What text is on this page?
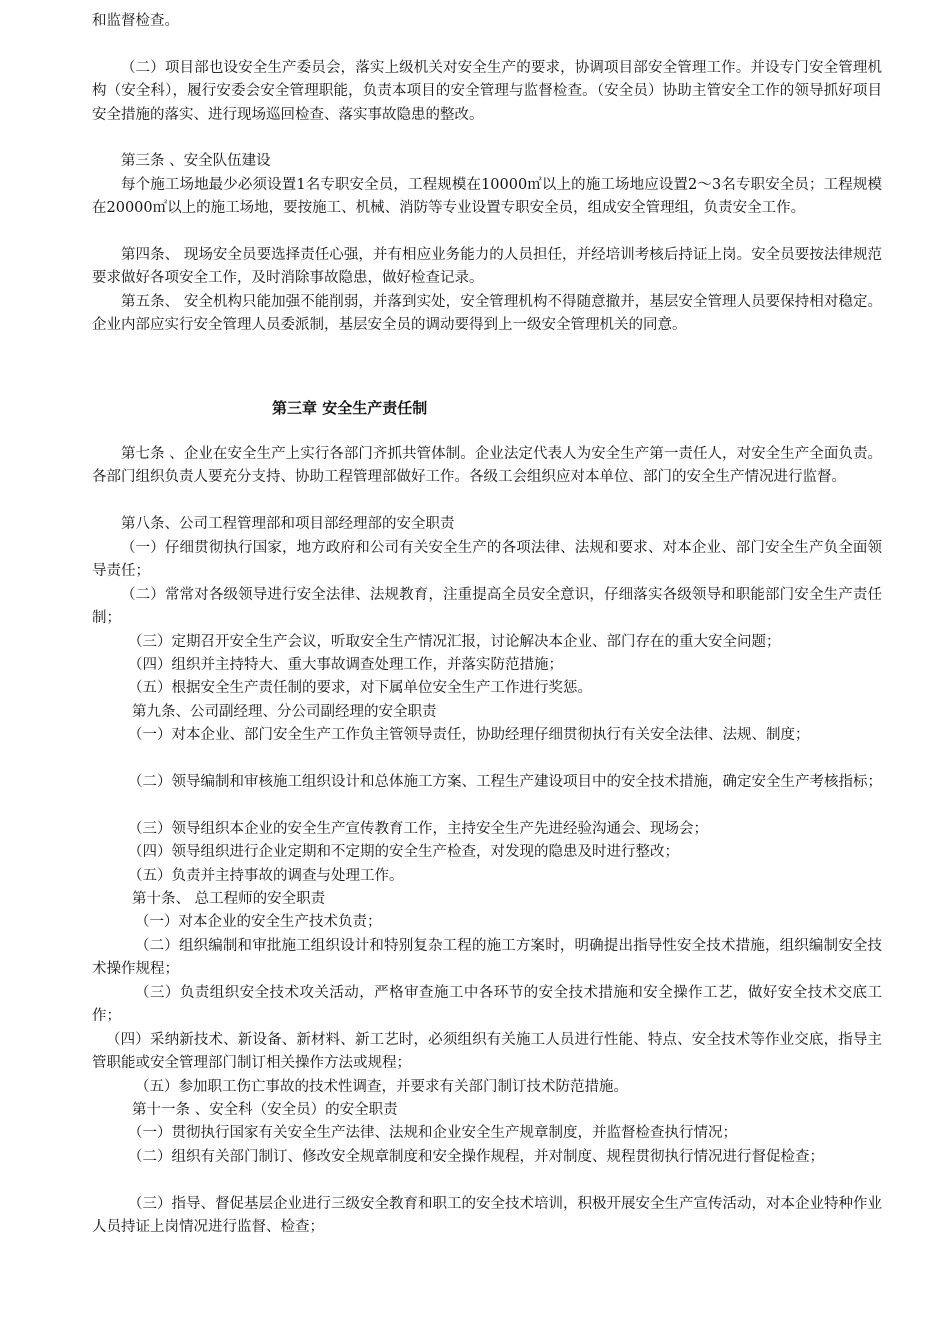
和监督检查。

（二）项目部也设安全生产委员会，落实上级机关对安全生产的要求，协调项目部安全管理工作。并设专门安全管理机构（安全科），履行安委会安全管理职能，负责本项目的安全管理与监督检查。（安全员）协助主管安全工作的领导抓好项目安全措施的落实、进行现场巡回检查、落实事故隐患的整改。

第三条 、安全队伍建设

每个施工场地最少必须设置1名专职安全员，工程规模在10000㎡以上的施工场地应设置2～3名专职安全员；工程规模在20000㎡以上的施工场地，要按施工、机械、消防等专业设置专职安全员，组成安全管理组，负责安全工作。

第四条、 现场安全员要选择责任心强，并有相应业务能力的人员担任，并经培训考核后持证上岗。安全员要按法律规范要求做好各项安全工作，及时消除事故隐患，做好检查记录。

第五条、 安全机构只能加强不能削弱，并落到实处，安全管理机构不得随意撤并，基层安全管理人员要保持相对稳定。企业内部应实行安全管理人员委派制，基层安全员的调动要得到上一级安全管理机关的同意。

第三章 安全生产责任制

第七条 、企业在安全生产上实行各部门齐抓共管体制。企业法定代表人为安全生产第一责任人，对安全生产全面负责。各部门组织负责人要充分支持、协助工程管理部做好工作。各级工会组织应对本单位、部门的安全生产情况进行监督。

第八条、公司工程管理部和项目部经理部的安全职责

（一）仔细贯彻执行国家，地方政府和公司有关安全生产的各项法律、法规和要求、对本企业、部门安全生产负全面领导责任；

（二）常常对各级领导进行安全法律、法规教育，注重提高全员安全意识，仔细落实各级领导和职能部门安全生产责任制；

（三）定期召开安全生产会议，听取安全生产情况汇报，讨论解决本企业、部门存在的重大安全问题；

（四）组织并主持特大、重大事故调查处理工作，并落实防范措施；

（五）根据安全生产责任制的要求，对下属单位安全生产工作进行奖惩。

第九条、公司副经理、分公司副经理的安全职责

（一）对本企业、部门安全生产工作负主管领导责任，协助经理仔细贯彻执行有关安全法律、法规、制度；

（二）领导编制和审核施工组织设计和总体施工方案、工程生产建设项目中的安全技术措施，确定安全生产考核指标；

（三）领导组织本企业的安全生产宣传教育工作，主持安全生产先进经验沟通会、现场会；

（四）领导组织进行企业定期和不定期的安全生产检查，对发现的隐患及时进行整改；

（五）负责并主持事故的调查与处理工作。

第十条、 总工程师的安全职责

（一）对本企业的安全生产技术负责；

（二）组织编制和审批施工组织设计和特别复杂工程的施工方案时，明确提出指导性安全技术措施，组织编制安全技术操作规程；

（三）负责组织安全技术攻关活动，严格审查施工中各环节的安全技术措施和安全操作工艺，做好安全技术交底工作；

（四）采纳新技术、新设备、新材料、新工艺时，必须组织有关施工人员进行性能、特点、安全技术等作业交底，指导主管职能或安全管理部门制订相关操作方法或规程；

（五）参加职工伤亡事故的技术性调查，并要求有关部门制订技术防范措施。

第十一条 、安全科（安全员）的安全职责

（一）贯彻执行国家有关安全生产法律、法规和企业安全生产规章制度，并监督检查执行情况；

（二）组织有关部门制订、修改安全规章制度和安全操作规程，并对制度、规程贯彻执行情况进行督促检查；

（三）指导、督促基层企业进行三级安全教育和职工的安全技术培训，积极开展安全生产宣传活动，对本企业特种作业人员持证上岗情况进行监督、检查；
